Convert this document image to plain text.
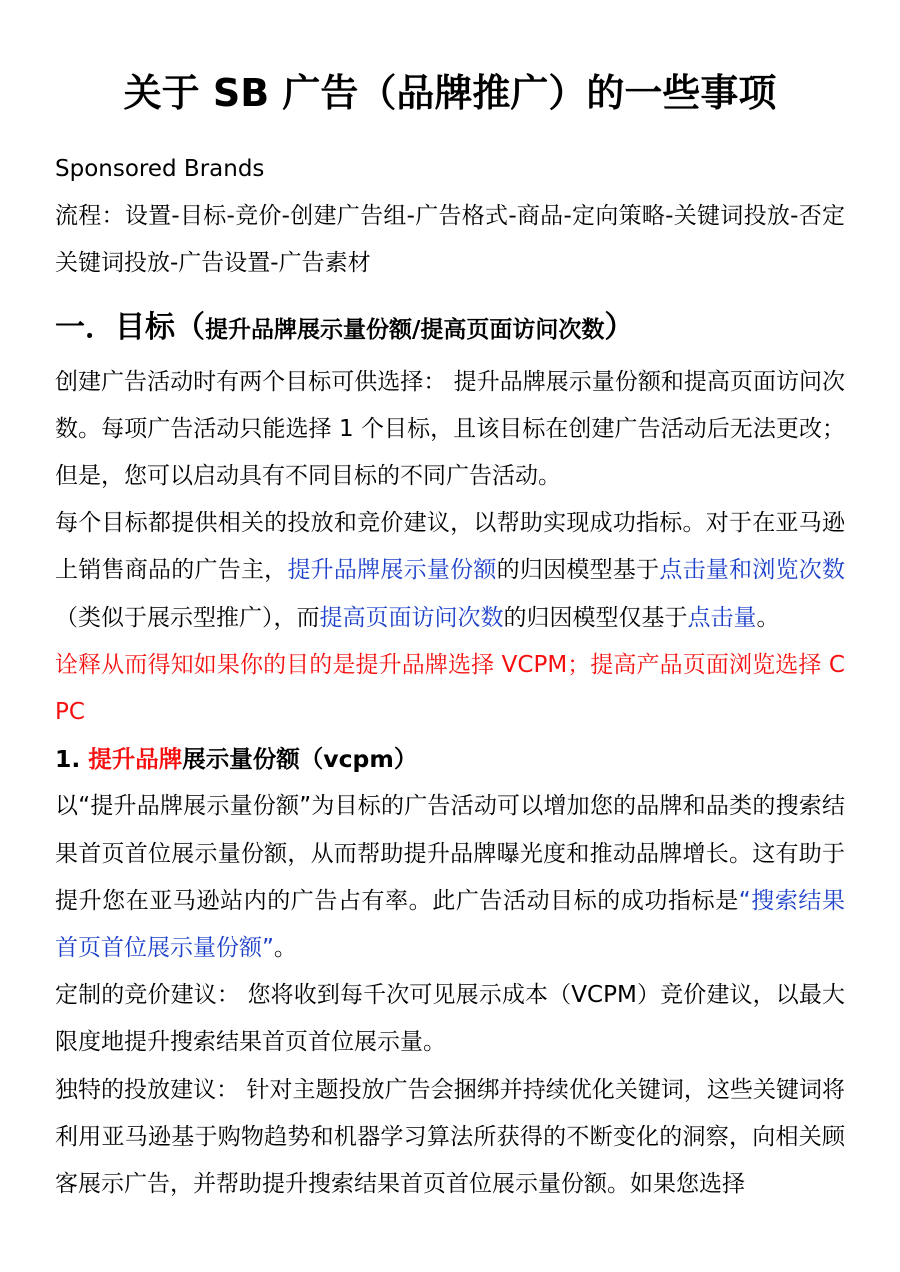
关于 SB 广告（品牌推广）的一些事项

Sponsored Brands

流程：设置-目标-竞价-创建广告组-广告格式-商品-定向策略-关键词投放-否定关键词投放-广告设置-广告素材

一．目标（提升品牌展示量份额/提高页面访问次数）

创建广告活动时有两个目标可供选择： 提升品牌展示量份额和提高页面访问次数。每项广告活动只能选择 1 个目标，且该目标在创建广告活动后无法更改；但是，您可以启动具有不同目标的不同广告活动。

每个目标都提供相关的投放和竞价建议，以帮助实现成功指标。对于在亚马逊上销售商品的广告主，提升品牌展示量份额的归因模型基于点击量和浏览次数（类似于展示型推广），而提高页面访问次数的归因模型仅基于点击量。

诠释从而得知如果你的目的是提升品牌选择 VCPM；提高产品页面浏览选择 CPC

1. 提升品牌展示量份额（vcpm）

以“提升品牌展示量份额”为目标的广告活动可以增加您的品牌和品类的搜索结果首页首位展示量份额，从而帮助提升品牌曝光度和推动品牌增长。这有助于提升您在亚马逊站内的广告占有率。此广告活动目标的成功指标是“搜索结果首页首位展示量份额”。

定制的竞价建议： 您将收到每千次可见展示成本（VCPM）竞价建议，以最大限度地提升搜索结果首页首位展示量。

独特的投放建议： 针对主题投放广告会捆绑并持续优化关键词，这些关键词将利用亚马逊基于购物趋势和机器学习算法所获得的不断变化的洞察，向相关顾客展示广告，并帮助提升搜索结果首页首位展示量份额。如果您选择
